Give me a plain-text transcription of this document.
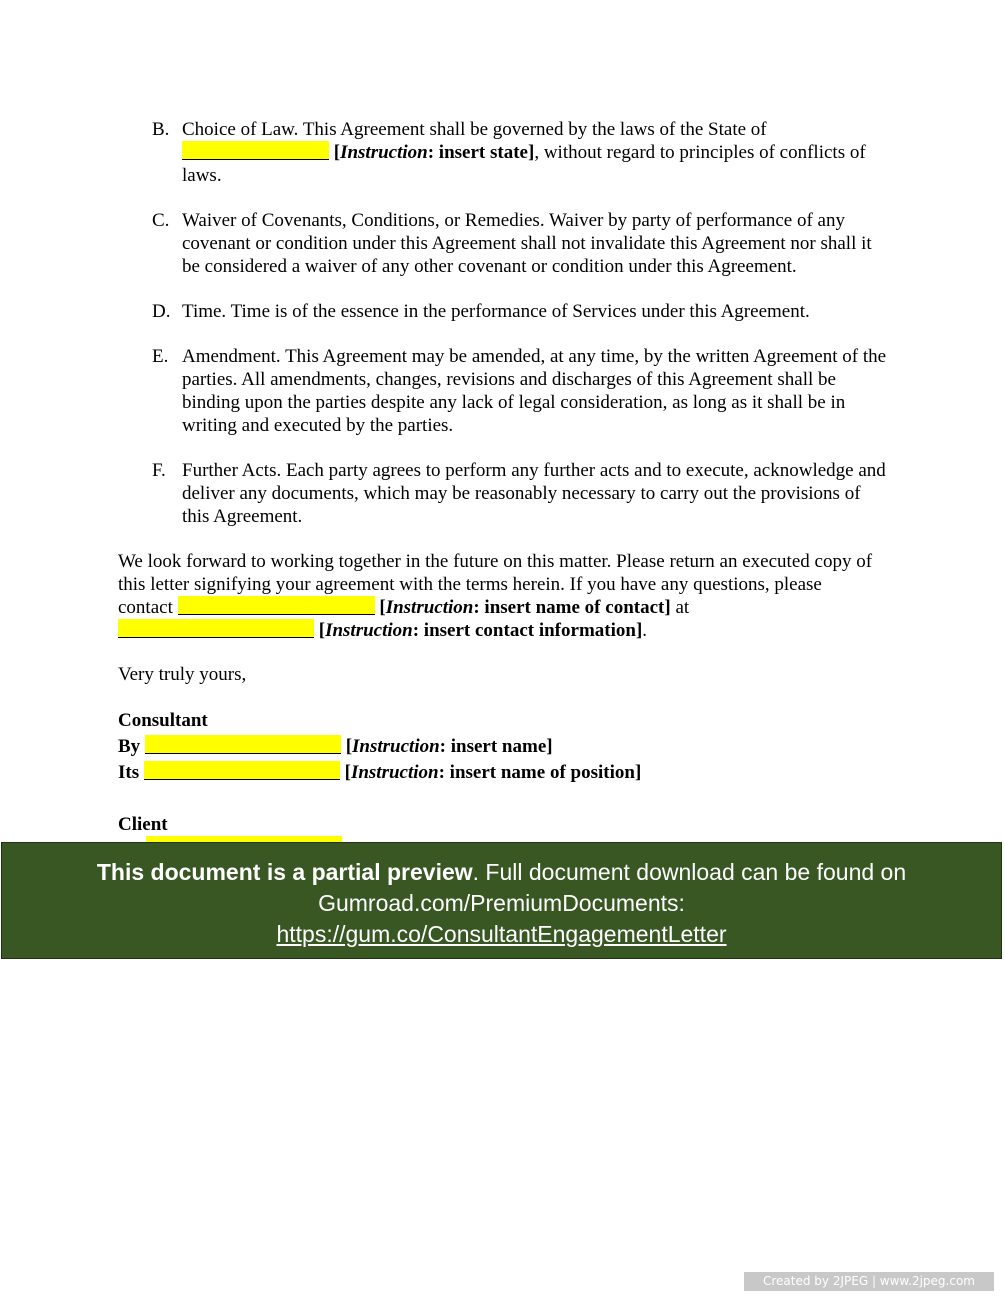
B. Choice of Law. This Agreement shall be governed by the laws of the State of
[Instruction: insert state], without regard to principles of conflicts of
laws.
C. Waiver of Covenants, Conditions, or Remedies. Waiver by party of performance of any covenant or condition under this Agreement shall not invalidate this Agreement nor shall it be considered a waiver of any other covenant or condition under this Agreement.
D. Time. Time is of the essence in the performance of Services under this Agreement.
E. Amendment. This Agreement may be amended, at any time, by the written Agreement of the parties. All amendments, changes, revisions and discharges of this Agreement shall be binding upon the parties despite any lack of legal consideration, as long as it shall be in writing and executed by the parties.
F. Further Acts. Each party agrees to perform any further acts and to execute, acknowledge and deliver any documents, which may be reasonably necessary to carry out the provisions of this Agreement.
We look forward to working together in the future on this matter. Please return an executed copy of this letter signifying your agreement with the terms herein. If you have any questions, please
contact	[Instruction: insert name of contact] at
[Instruction: insert contact information].
Very truly yours,
Consultant
By	[Instruction: insert name]
Its	[Instruction: insert name of position]
Client
This document is a partial preview. Full document download can be found on
Gumroad.com/PremiumDocuments:
https://gum.co/ConsultantEngagementLetter
Created by 2JPEG | www.2jpeg.com
